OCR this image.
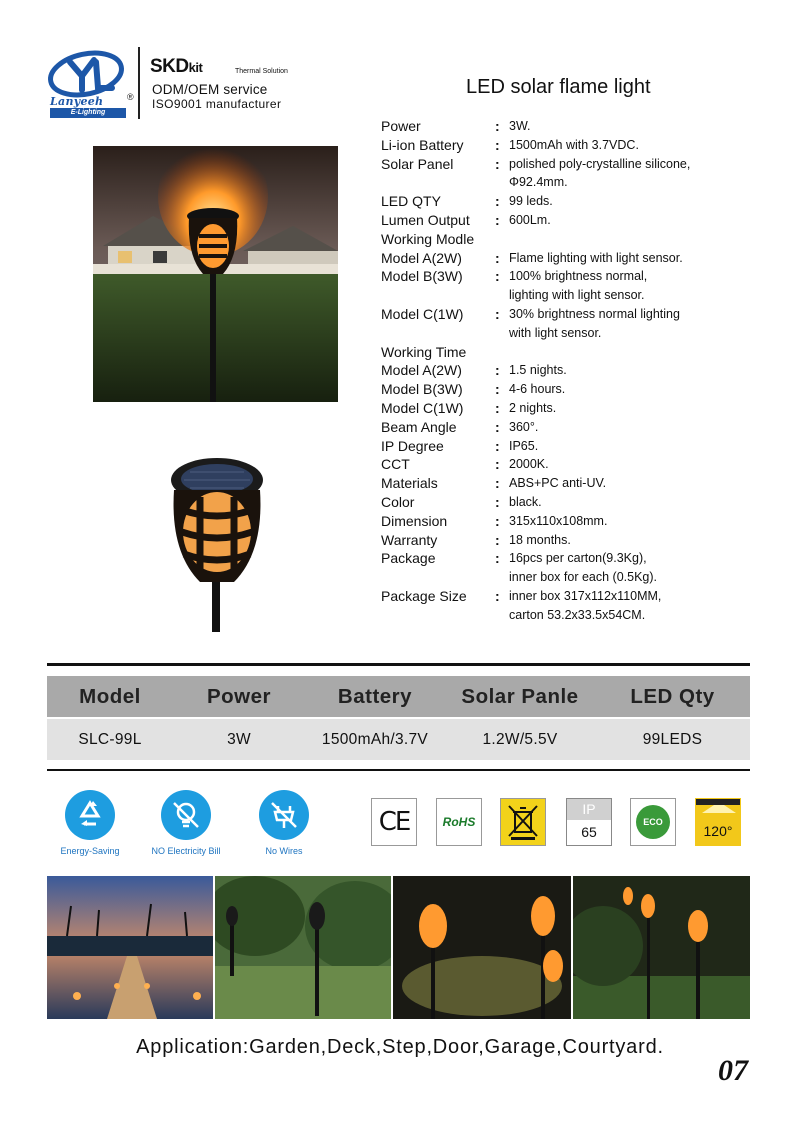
Lanyeeh
E-Lighting
®
SKDkit	Thermal Solution
ODM/OEM service
ISO9001 manufacturer
LED solar flame light
Power	: 3W.
Li-ion Battery	: 1500mAh with 3.7VDC.
Solar Panel	: polished poly-crystalline silicone,
Φ92.4mm.
LED QTY	: 99 leds.
Lumen Output	: 600Lm.
Working Modle
Model A(2W)	: Flame lighting with light sensor.
Model B(3W)	: 100% brightness normal,
lighting with light sensor.
Model C(1W)	: 30% brightness normal lighting
with light sensor.
Working Time
Model A(2W)	: 1.5 nights.
Model B(3W)	: 4-6 hours.
Model C(1W)	: 2 nights.
Beam Angle	: 360°.
IP Degree	: IP65.
CCT	: 2000K.
Materials	: ABS+PC anti-UV.
Color	: black.
Dimension	: 315x110x108mm.
Warranty	: 18 months.
Package	: 16pcs per carton(9.3Kg),
inner box for each (0.5Kg).
Package Size	: inner box 317x112x110MM,
carton 53.2x33.5x54CM.
Model	Power	Battery	Solar Panle	LED Qty
SLC-99L	3W	1500mAh/3.7V	1.2W/5.5V	99LEDS
Energy-Saving	NO Electricity Bill	No Wires
CE	RoHS
IP
65
ECO
120°
Application:Garden,Deck,Step,Door,Garage,Courtyard.
07
